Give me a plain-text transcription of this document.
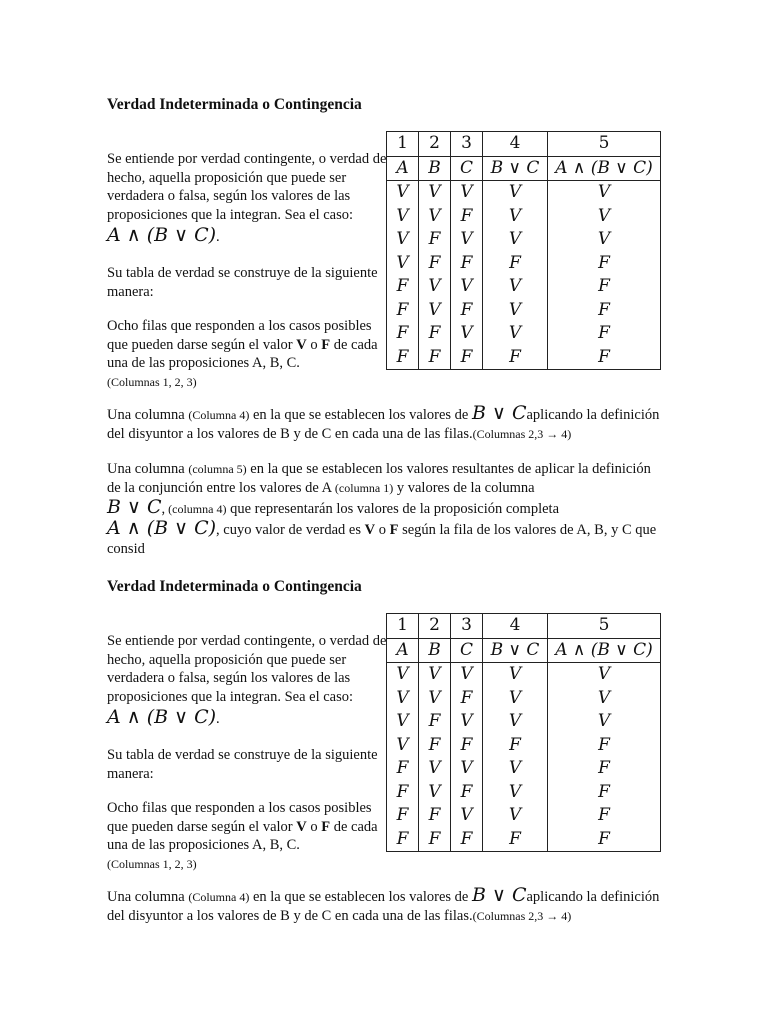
Verdad Indeterminada o Contingencia

Se entiende por verdad contingente, o verdad de hecho, aquella proposición que puede ser verdadera o falsa, según los valores de las proposiciones que la integran. Sea el caso:

A ∧ (B ∨ C).

Su tabla de verdad se construye de la siguiente manera:

Ocho filas que responden a los casos posibles que pueden darse según el valor V o F de cada una de las proposiciones A, B, C.
(Columnas 1, 2, 3)

1	2	3	4	5
A	B	C	B ∨ C	A ∧ (B ∨ C)
V	V	V	V	V
V	V	F	V	V
V	F	V	V	V
V	F	F	F	F
F	V	V	V	F
F	V	F	V	F
F	F	V	V	F
F	F	F	F	F

Una columna (Columna 4) en la que se establecen los valores de B ∨ Caplicando la definición del disyuntor a los valores de B y de C en cada una de las filas.(Columnas 2,3 → 4)

Una columna (columna 5) en la que se establecen los valores resultantes de aplicar la definición de la conjunción entre los valores de A (columna 1) y valores de la columna
B ∨ C, (columna 4) que representarán los valores de la proposición completa
A ∧ (B ∨ C), cuyo valor de verdad es V o F según la fila de los valores de A, B, y C que consid

Verdad Indeterminada o Contingencia

Se entiende por verdad contingente, o verdad de hecho, aquella proposición que puede ser verdadera o falsa, según los valores de las proposiciones que la integran. Sea el caso:

A ∧ (B ∨ C).

Su tabla de verdad se construye de la siguiente manera:

Ocho filas que responden a los casos posibles que pueden darse según el valor V o F de cada una de las proposiciones A, B, C.
(Columnas 1, 2, 3)

1	2	3	4	5
A	B	C	B ∨ C	A ∧ (B ∨ C)
V	V	V	V	V
V	V	F	V	V
V	F	V	V	V
V	F	F	F	F
F	V	V	V	F
F	V	F	V	F
F	F	V	V	F
F	F	F	F	F

Una columna (Columna 4) en la que se establecen los valores de B ∨ Caplicando la definición del disyuntor a los valores de B y de C en cada una de las filas.(Columnas 2,3 → 4)
